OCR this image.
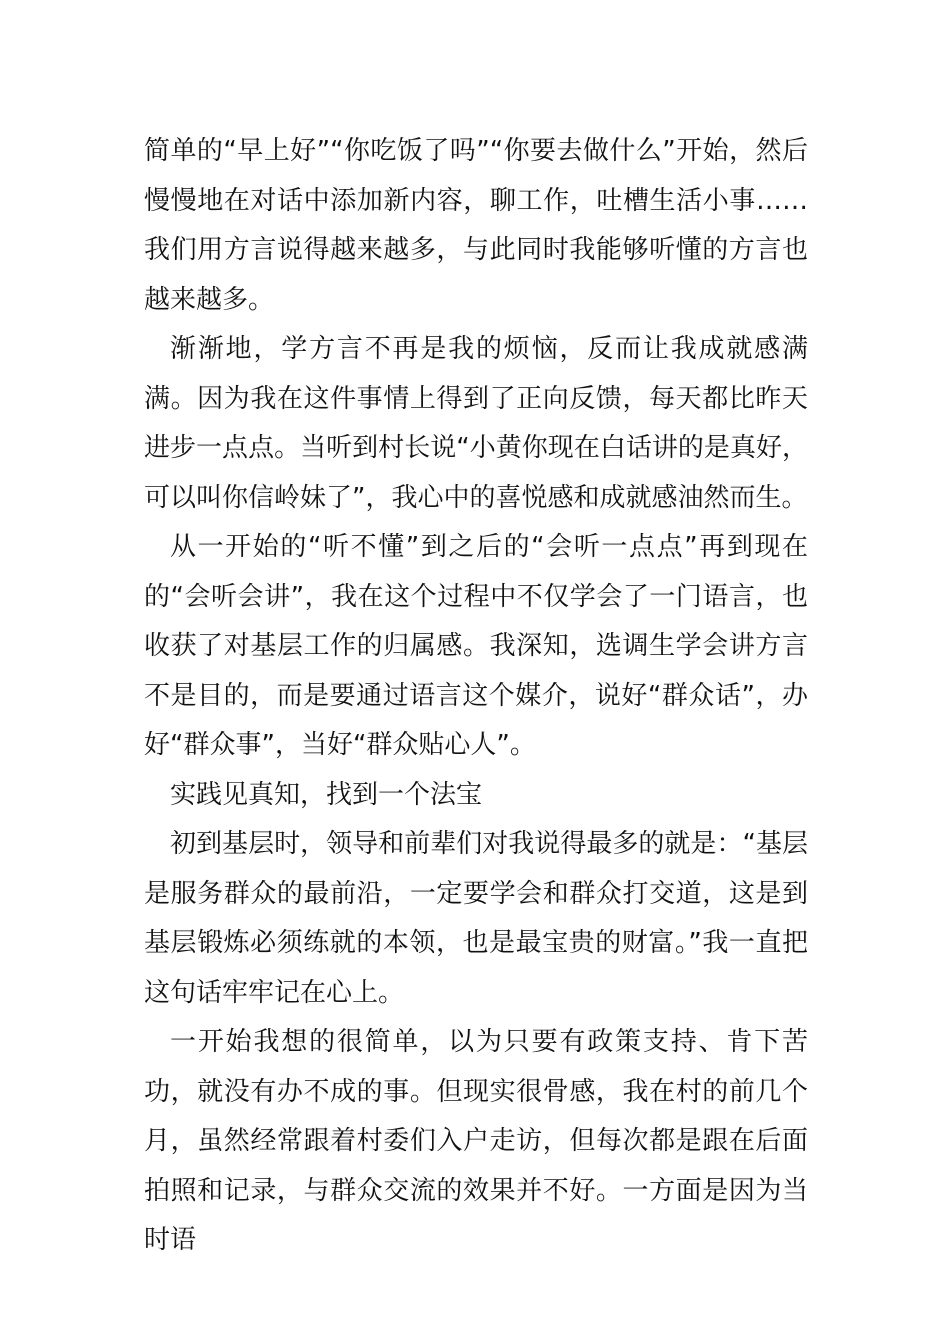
简单的“早上好”“你吃饭了吗”“你要去做什么”开始，然后慢慢地在对话中添加新内容，聊工作，吐槽生活小事……我们用方言说得越来越多，与此同时我能够听懂的方言也越来越多。

渐渐地，学方言不再是我的烦恼，反而让我成就感满满。因为我在这件事情上得到了正向反馈，每天都比昨天进步一点点。当听到村长说“小黄你现在白话讲的是真好，可以叫你信岭妹了”，我心中的喜悦感和成就感油然而生。

从一开始的“听不懂”到之后的“会听一点点”再到现在的“会听会讲”，我在这个过程中不仅学会了一门语言，也收获了对基层工作的归属感。我深知，选调生学会讲方言不是目的，而是要通过语言这个媒介，说好“群众话”，办好“群众事”，当好“群众贴心人”。

实践见真知，找到一个法宝

初到基层时，领导和前辈们对我说得最多的就是：“基层是服务群众的最前沿，一定要学会和群众打交道，这是到基层锻炼必须练就的本领，也是最宝贵的财富。”我一直把这句话牢牢记在心上。

一开始我想的很简单，以为只要有政策支持、肯下苦功，就没有办不成的事。但现实很骨感，我在村的前几个月，虽然经常跟着村委们入户走访，但每次都是跟在后面拍照和记录，与群众交流的效果并不好。一方面是因为当时语
